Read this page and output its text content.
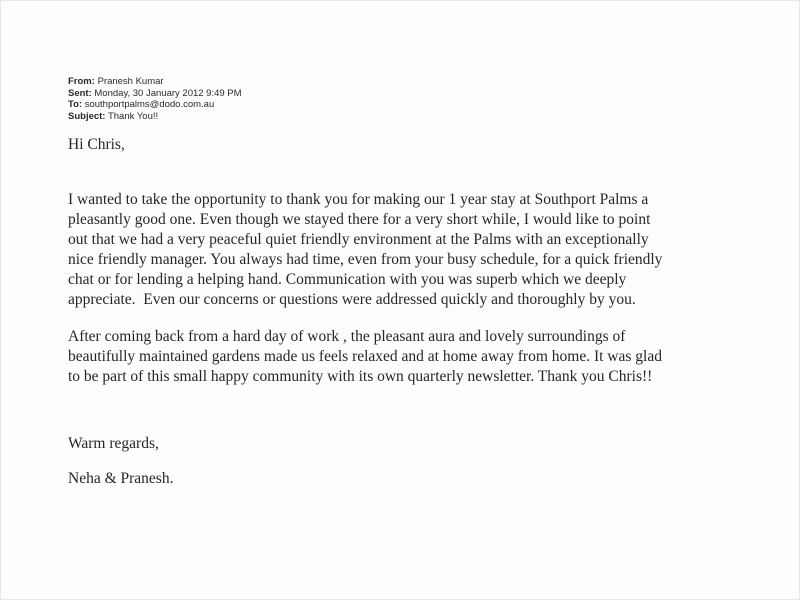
From: Pranesh Kumar
Sent: Monday, 30 January 2012 9:49 PM
To: southportpalms@dodo.com.au
Subject: Thank You!!
Hi Chris,
I wanted to take the opportunity to thank you for making our 1 year stay at Southport Palms a
pleasantly good one. Even though we stayed there for a very short while, I would like to point
out that we had a very peaceful quiet friendly environment at the Palms with an exceptionally
nice friendly manager. You always had time, even from your busy schedule, for a quick friendly
chat or for lending a helping hand. Communication with you was superb which we deeply
appreciate.  Even our concerns or questions were addressed quickly and thoroughly by you.
After coming back from a hard day of work , the pleasant aura and lovely surroundings of
beautifully maintained gardens made us feels relaxed and at home away from home. It was glad
to be part of this small happy community with its own quarterly newsletter. Thank you Chris!!
Warm regards,
Neha & Pranesh.
